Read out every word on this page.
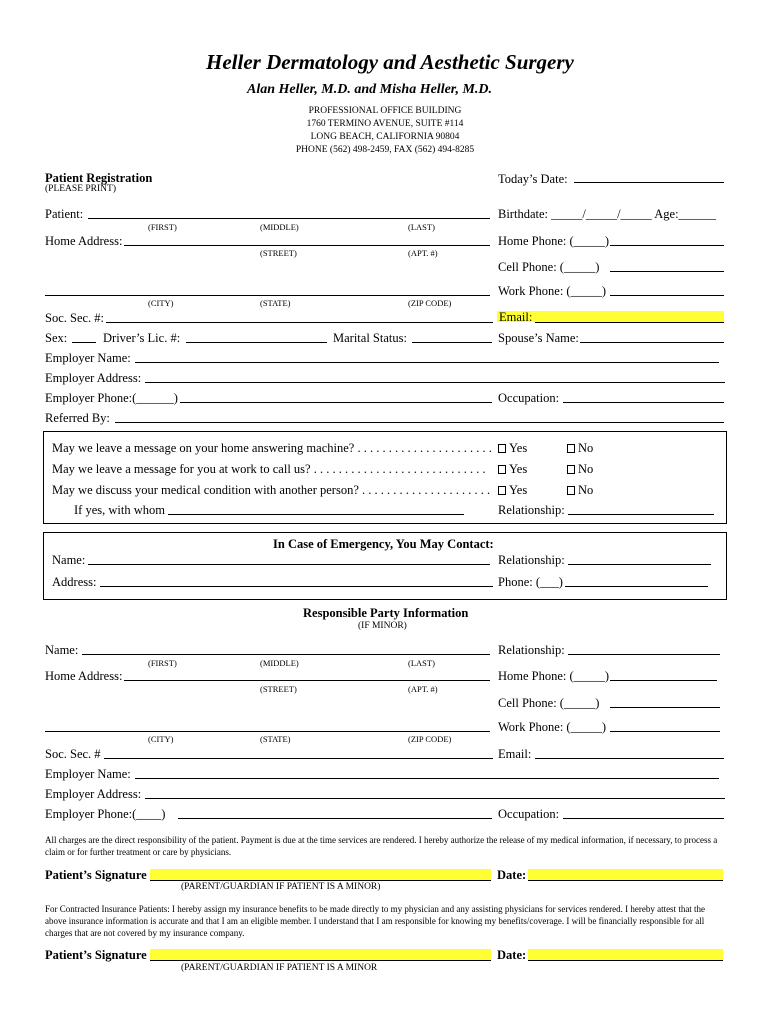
Heller Dermatology and Aesthetic Surgery
Alan Heller, M.D. and Misha Heller, M.D.
PROFESSIONAL OFFICE BUILDING
1760 TERMINO AVENUE, SUITE #114
LONG BEACH, CALIFORNIA 90804
PHONE (562) 498-2459, FAX (562) 494-8285
Patient Registration
(PLEASE PRINT)
Today’s Date:
Patient:	Birthdate: _____/_____/_____ Age:______
(FIRST)	(MIDDLE)	(LAST)
Home Address:	Home Phone: (_____)
(STREET)	(APT. #)
Cell Phone: (_____)
Work Phone: (_____)
(CITY)	(STATE)	(ZIP CODE)
Soc. Sec. #:	Email:
Sex:	Driver’s Lic. #:	Marital Status:	Spouse’s Name:
Employer Name:
Employer Address:
Employer Phone:(______)	Occupation:
Referred By:
May we leave a message on your home answering machine? . . . . . . . . . . . . . . . . . . . . . .	Yes	No
May we leave a message for you at work to call us? . . . . . . . . . . . . . . . . . . . . . . . . . . . .	Yes	No
May we discuss your medical condition with another person? . . . . . . . . . . . . . . . . . . . . .	Yes	No
If yes, with whom	Relationship:
In Case of Emergency, You May Contact:
Name:	Relationship:
Address:	Phone: (___)
Responsible Party Information
(IF MINOR)
Name:	Relationship:
(FIRST)	(MIDDLE)	(LAST)
Home Address:	Home Phone: (_____)
(STREET)	(APT. #)
Cell Phone: (_____)
Work Phone: (_____)
(CITY)	(STATE)	(ZIP CODE)
Soc. Sec. #	Email:
Employer Name:
Employer Address:
Employer Phone:(____)	Occupation:
All charges are the direct responsibility of the patient. Payment is due at the time services are rendered. I hereby authorize the release of my medical information, if necessary, to process a claim or for further treatment or care by physicians.
Patient’s Signature	Date:
(PARENT/GUARDIAN IF PATIENT IS A MINOR)
For Contracted Insurance Patients: I hereby assign my insurance benefits to be made directly to my physician and any assisting physicians for services rendered. I hereby attest that the above insurance information is accurate and that I am an eligible member. I understand that I am responsible for knowing my benefits/coverage. I will be financially responsible for all charges that are not covered by my insurance company.
Patient’s Signature	Date:
(PARENT/GUARDIAN IF PATIENT IS A MINOR
